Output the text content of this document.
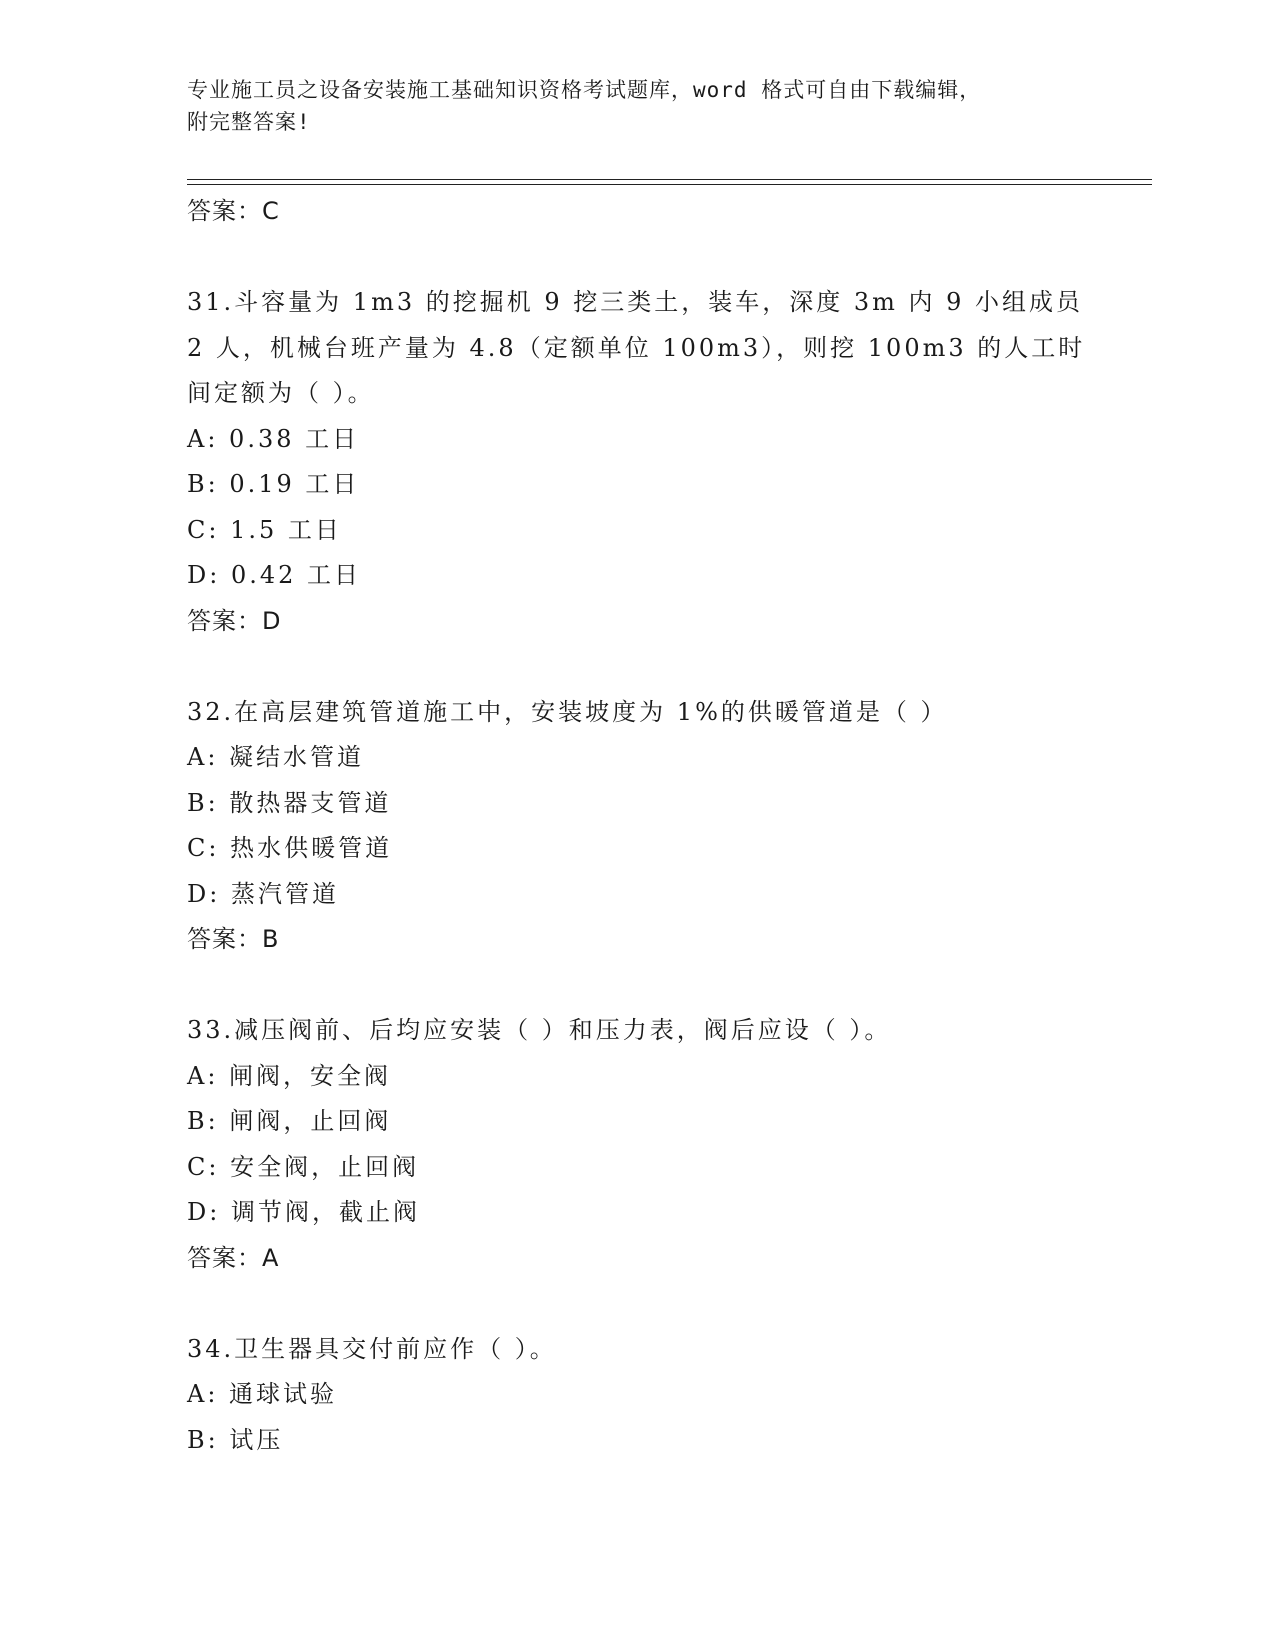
专业施工员之设备安装施工基础知识资格考试题库，word 格式可自由下载编辑，
附完整答案!
答案：C
31.斗容量为 1m3 的挖掘机 9 挖三类土，装车，深度 3m 内 9 小组成员
2 人，机械台班产量为 4.8（定额单位 100m3），则挖 100m3 的人工时
间定额为（ ）。
A: 0.38 工日
B: 0.19 工日
C: 1.5 工日
D: 0.42 工日
答案：D
32.在高层建筑管道施工中，安装坡度为 1%的供暖管道是（ ）
A: 凝结水管道
B: 散热器支管道
C: 热水供暖管道
D: 蒸汽管道
答案：B
33.减压阀前、后均应安装（ ）和压力表，阀后应设（ ）。
A: 闸阀，安全阀
B: 闸阀，止回阀
C: 安全阀，止回阀
D: 调节阀，截止阀
答案：A
34.卫生器具交付前应作（ ）。
A: 通球试验
B: 试压
